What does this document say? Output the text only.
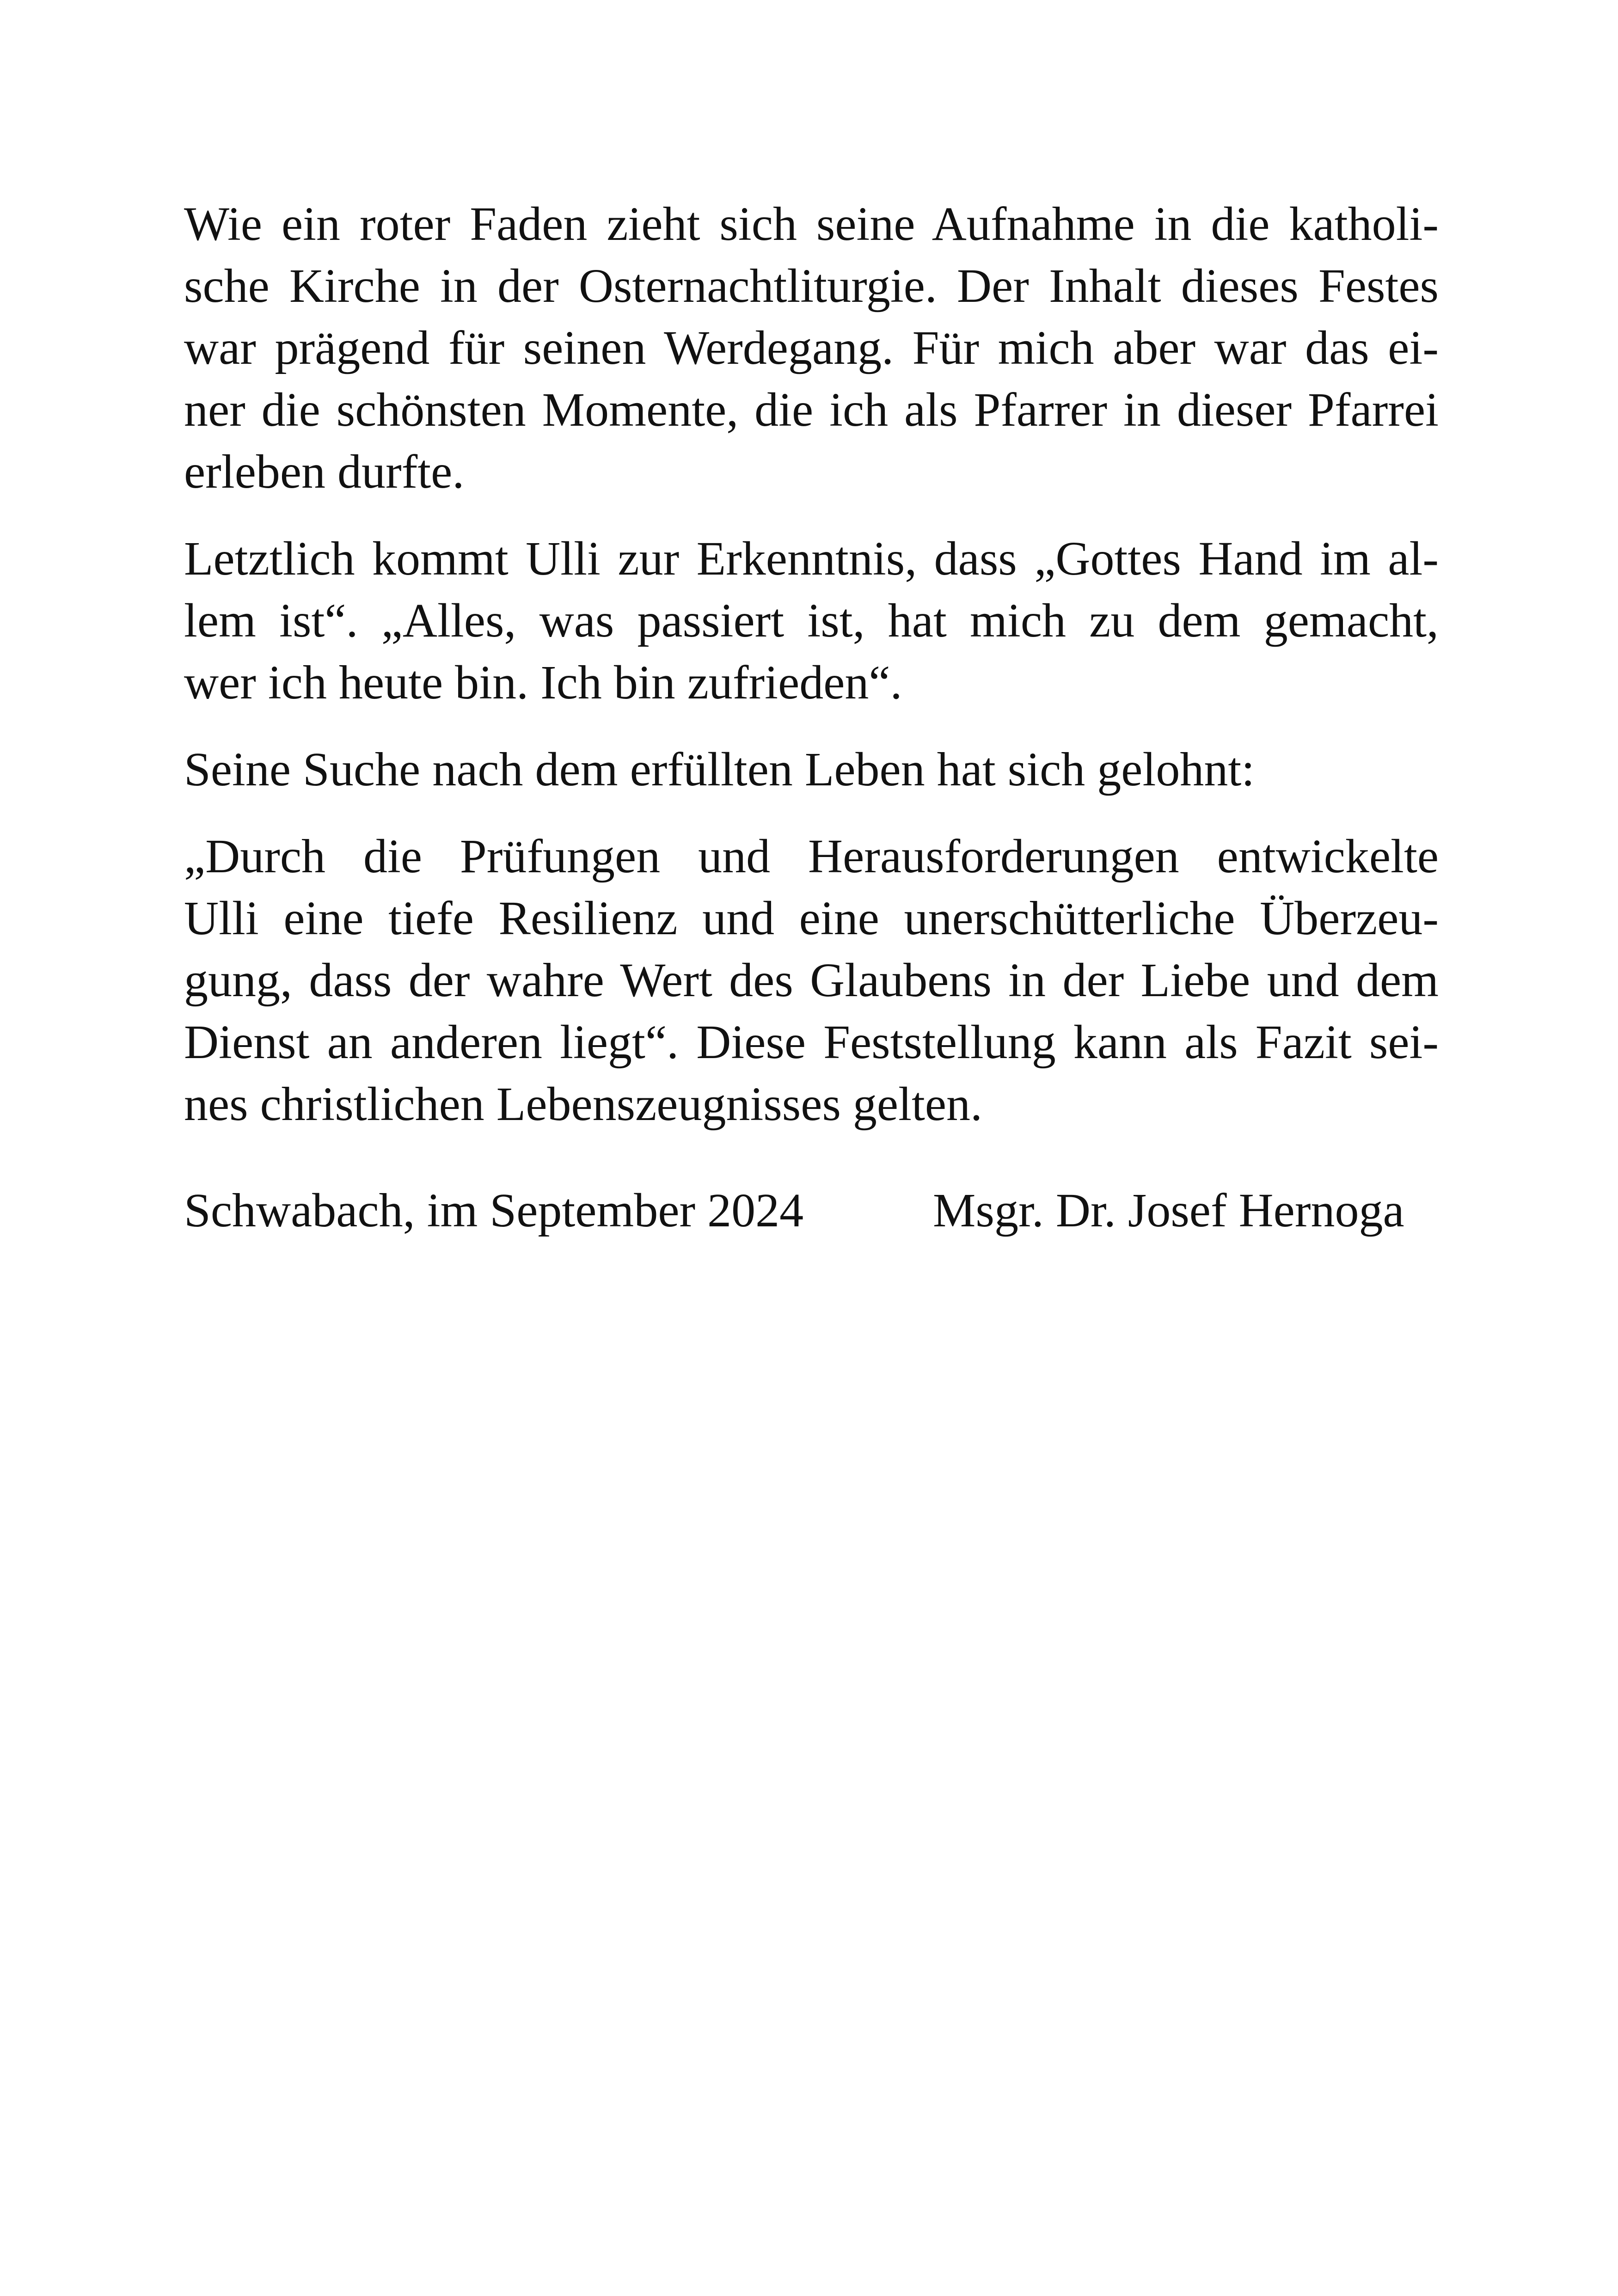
Wie ein roter Faden zieht sich seine Aufnahme in die katholi-
sche Kirche in der Osternachtliturgie. Der Inhalt dieses Festes
war prägend für seinen Werdegang. Für mich aber war das ei-
ner die schönsten Momente, die ich als Pfarrer in dieser Pfarrei
erleben durfte.

Letztlich kommt Ulli zur Erkenntnis, dass „Gottes Hand im al-
lem ist“. „Alles, was passiert ist, hat mich zu dem gemacht,
wer ich heute bin. Ich bin zufrieden“.

Seine Suche nach dem erfüllten Leben hat sich gelohnt:

„Durch die Prüfungen und Herausforderungen entwickelte
Ulli eine tiefe Resilienz und eine unerschütterliche Überzeu-
gung, dass der wahre Wert des Glaubens in der Liebe und dem
Dienst an anderen liegt“. Diese Feststellung kann als Fazit sei-
nes christlichen Lebenszeugnisses gelten.

Schwabach, im September 2024	Msgr. Dr. Josef Hernoga
